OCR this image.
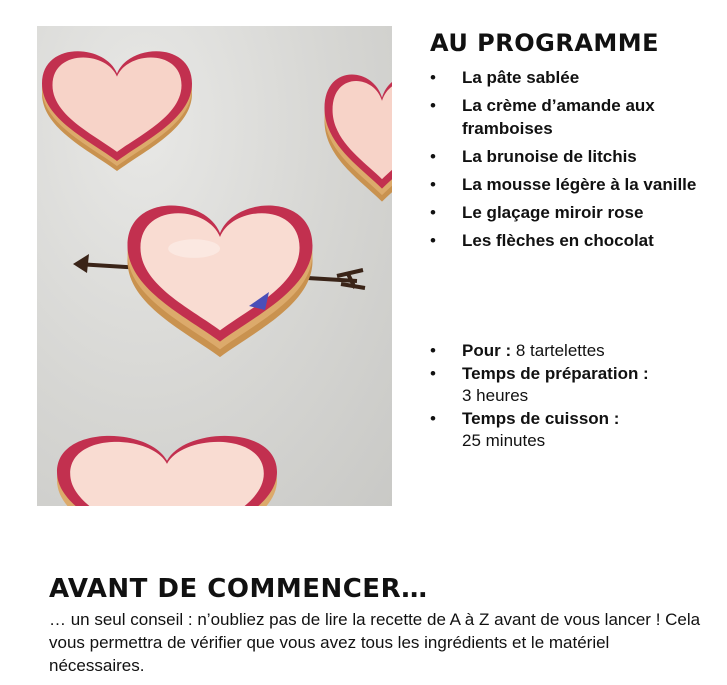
AU PROGRAMME
• La pâte sablée
• La crème d’amande aux framboises
• La brunoise de litchis
• La mousse légère à la vanille
• Le glaçage miroir rose
• Les flèches en chocolat
• Pour : 8 tartelettes
• Temps de préparation :
3 heures
• Temps de cuisson :
25 minutes
AVANT DE COMMENCER…

… un seul conseil : n’oubliez pas de lire la recette de A à Z avant de vous lancer ! Cela vous permettra de vérifier que vous avez tous les ingrédients et le matériel nécessaires.
